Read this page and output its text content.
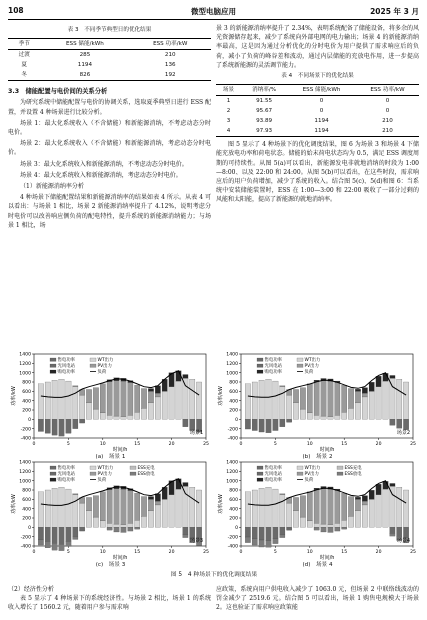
108	微型电脑应用	2025 年 3 月
表 3　不同季节典型日的优化结果
季节	ESS 储能/kWh	ESS 功率/kW
过渡	285	210
夏	1194	136
冬	826	192
3.3　储能配置与电价间的关系分析

为研究系统中储能配置与电价的协调关系，选取夏季典型日进行 ESS 配置，并设置 4 种场景进行比较分析。

场景 1：最大化系统收入（不含储能）和新能源消纳，不考虑动态分时电价。

场景 2：最大化系统收入（不含储能）和新能源消纳，考虑动态分时电价。

场景 3：最大化系统收入和新能源消纳，不考虑动态分时电价。

场景 4：最大化系统收入和新能源消纳，考虑动态分时电价。

（1）新能源消纳率分析

4 种场景下储能配置结果和新能源消纳率的结果如表 4 所示。从表 4 可以看出：与场景 1 相比，场景 2 新能源消纳率提升了 4.12%，说明考虑分时电价可以改善响应侧负荷的配电特性，提升系统的新能源消纳能力；与场景 1 相比，场

景 3 的新能源消纳率提升了 2.34%，表明系统配备了储能设备，将多余的风光资源储存起来，减少了系统向外部电网的电力输出；场景 4 的新能源消纳率最高，这是因为通过分析优化的分时电价为用户提供了需求响应后的负荷，减小了负荷的峰谷差和波动，通过内层储能的充放电作用，进一步提高了系统新能源的灵活调节能力。

表 4　不同场景下的优化结果
场景	消纳率/%	ESS 储能/kWh	ESS 功率/kW
1	91.55	0	0
2	95.67	0	0
3	93.89	1194	210
4	97.93	1194	210

图 5 显示了 4 种场景下的优化调度结果，图 6 为场景 3 和场景 4 下储能充放电功率和荷电状态。储能的始末荷电状态均为 0.5，满足 ESS 调度周期的可持续性。从图 5(a)可以看出，新能源发电非就地消纳的时段为 1:00—8:00、以及 22:00 和 24:00。从图 5(b)可以看出，在这些时段，需求响应后的用户负荷增加，减少了系统的收入。结合图 5(c)、5(d)和图 6：当系统中安装储能装置时，ESS 在 1:00—3:00 和 22:00 吸收了一部分过剩的风能和太阳能，提高了新能源的就地消纳率。

1400
1200
1000
800
600
400
200
0
-200
-400
0	5	10	15	20	25
功率/kW
时间/h
售电功率	WT出力
光风电站	PV出力
购电功率	负荷
场景1
(a)　场景 1
1400
1200
1000
800
600
400
200
0
-200
-400
0	5	10	15	20	25
功率/kW
时间/h
售电功率	WT出力
光风电站	PV出力
购电功率	负荷
场景2
(b)　场景 2
1400
1200
1000
800
600
400
200
0
-200
-400
0	5	10	15	20	25
功率/kW
时间/h
售电功率	WT出力	ESS充电
光风电站	PV出力	ESS放电
购电功率	负荷
场景3
(c)　场景 3
1400
1200
1000
800
600
400
200
0
-200
-400
0	5	10	15	20	25
功率/kW
时间/h
售电功率	WT出力	ESS充电
光风电站	PV出力	ESS放电
购电功率	负荷
场景4
(d)　场景 4
图 5　4 种场景下的优化调度结果

（2）经济性分析

表 5 显示了 4 种场景下的系统经济性。与场景 2 相比，场景 1 的系统收入增长了 1560.2 元，随着用户参与需求响

应政策，系统向用户供电收入减少了 1063.0 元，但场景 2 中联络线波动的罚金减少了 2519.6 元。结合图 5 可以看出，场景 1 购售电规模大于场景 2。这也验证了需求响应政策能
